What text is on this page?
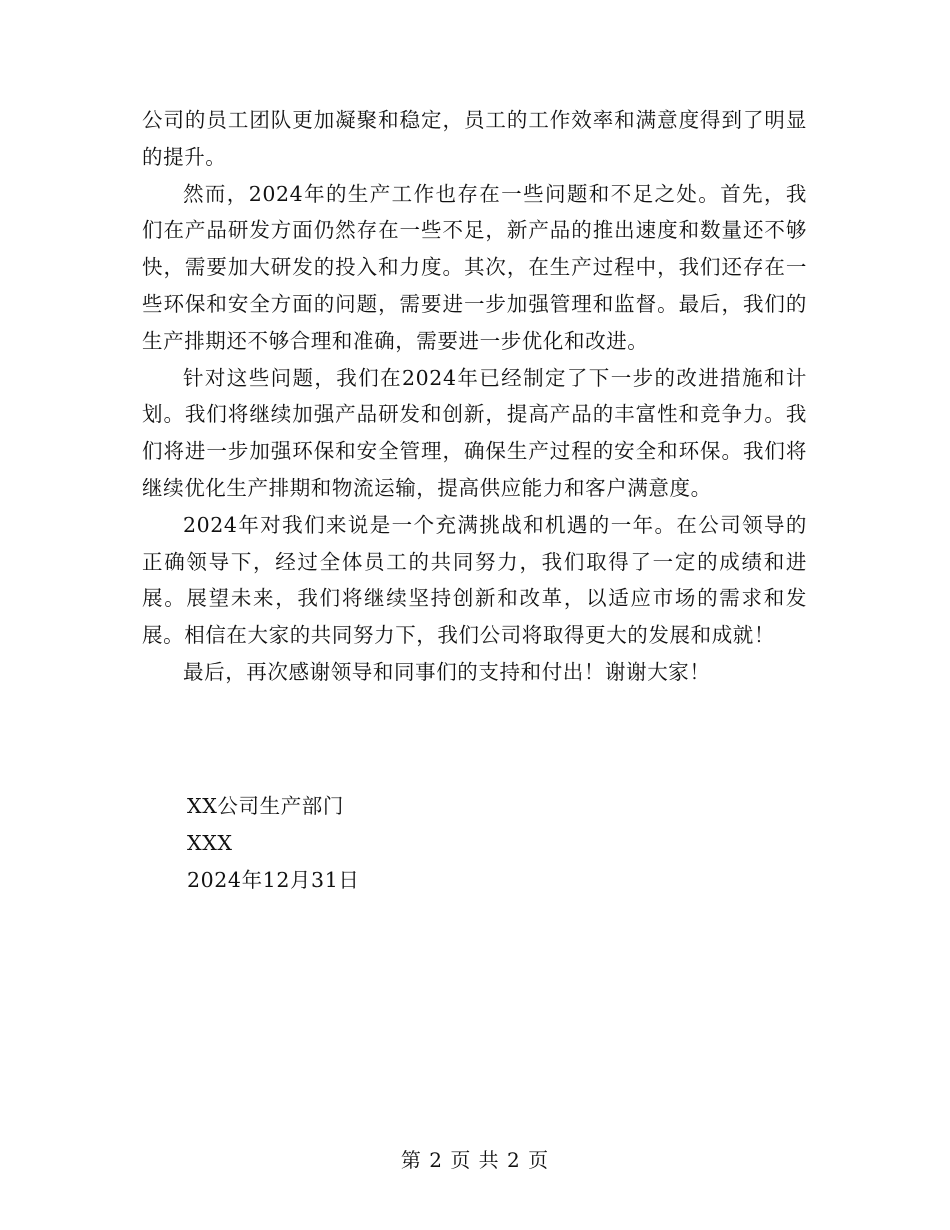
公司的员工团队更加凝聚和稳定，员工的工作效率和满意度得到了明显的提升。

然而，2024年的生产工作也存在一些问题和不足之处。首先，我们在产品研发方面仍然存在一些不足，新产品的推出速度和数量还不够快，需要加大研发的投入和力度。其次，在生产过程中，我们还存在一些环保和安全方面的问题，需要进一步加强管理和监督。最后，我们的生产排期还不够合理和准确，需要进一步优化和改进。

针对这些问题，我们在2024年已经制定了下一步的改进措施和计划。我们将继续加强产品研发和创新，提高产品的丰富性和竞争力。我们将进一步加强环保和安全管理，确保生产过程的安全和环保。我们将继续优化生产排期和物流运输，提高供应能力和客户满意度。

2024年对我们来说是一个充满挑战和机遇的一年。在公司领导的正确领导下，经过全体员工的共同努力，我们取得了一定的成绩和进展。展望未来，我们将继续坚持创新和改革，以适应市场的需求和发展。相信在大家的共同努力下，我们公司将取得更大的发展和成就！

最后，再次感谢领导和同事们的支持和付出！谢谢大家！

XX公司生产部门
XXX
2024年12月31日
第 2 页 共 2 页
